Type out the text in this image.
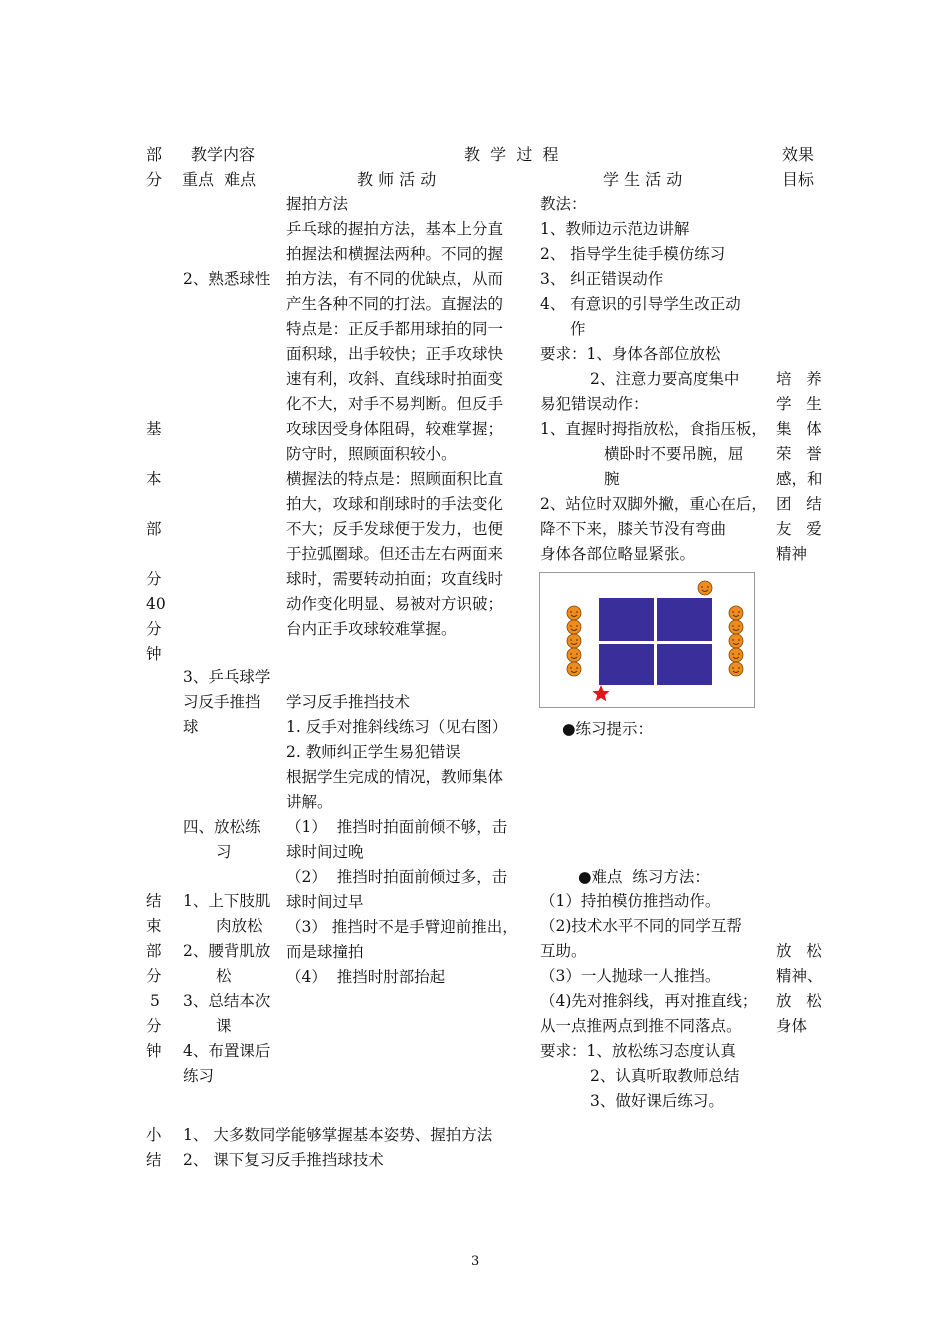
部
分
教学内容
重点  难点
教  学  过  程
教 师 活 动	学 生 活 动
效果
目标
基
本
部
分
40
分
钟
结
束
部
分
5
分
钟
2、熟悉球性
3、乒乓球学
习反手推挡
球
四、放松练
习
1、上下肢肌
肉放松
2、腰背肌放
松
3、总结本次
课
4、布置课后
练习
握拍方法
乒乓球的握拍方法，基本上分直
拍握法和横握法两种。不同的握
拍方法，有不同的优缺点，从而
产生各种不同的打法。直握法的
特点是：正反手都用球拍的同一
面积球，出手较快；正手攻球快
速有利，攻斜、直线球时拍面变
化不大，对手不易判断。但反手
攻球因受身体阻碍，较难掌握；
防守时，照顾面积较小。
横握法的特点是：照顾面积比直
拍大，攻球和削球时的手法变化
不大；反手发球便于发力，也便
于拉弧圈球。但还击左右两面来
球时，需要转动拍面；攻直线时
动作变化明显、易被对方识破；
台内正手攻球较难掌握。
学习反手推挡技术
1. 反手对推斜线练习（见右图）
2. 教师纠正学生易犯错误
根据学生完成的情况，教师集体
讲解。
（1）  推挡时拍面前倾不够，击
球时间过晚
（2）  推挡时拍面前倾过多，击
球时间过早
（3） 推挡时不是手臂迎前推出，
而是球撞拍
（4）  推挡时肘部抬起
教法：
1、教师边示范边讲解
2、 指导学生徒手模仿练习
3、 纠正错误动作
4、 有意识的引导学生改正动
作
要求：1、身体各部位放松
2、注意力要高度集中
易犯错误动作：
1、直握时拇指放松，食指压板，
横卧时不要吊腕，屈
腕
2、站位时双脚外撇，重心在后，
降不下来，膝关节没有弯曲
身体各部位略显紧张。
●练习提示：
●难点  练习方法：
（1）持拍模仿推挡动作。
（2)技术水平不同的同学互帮
互助。
（3）一人抛球一人推挡。
（4)先对推斜线，再对推直线；
从一点推两点到推不同落点。
要求：1、放松练习态度认真
2、认真听取教师总结
3、做好课后练习。
培   养
学   生
集   体
荣   誉
感，和
团   结
友   爱
精神
放   松
精神、
放   松
身体
小
结
1、 大多数同学能够掌握基本姿势、握拍方法
2、 课下复习反手推挡球技术
3
